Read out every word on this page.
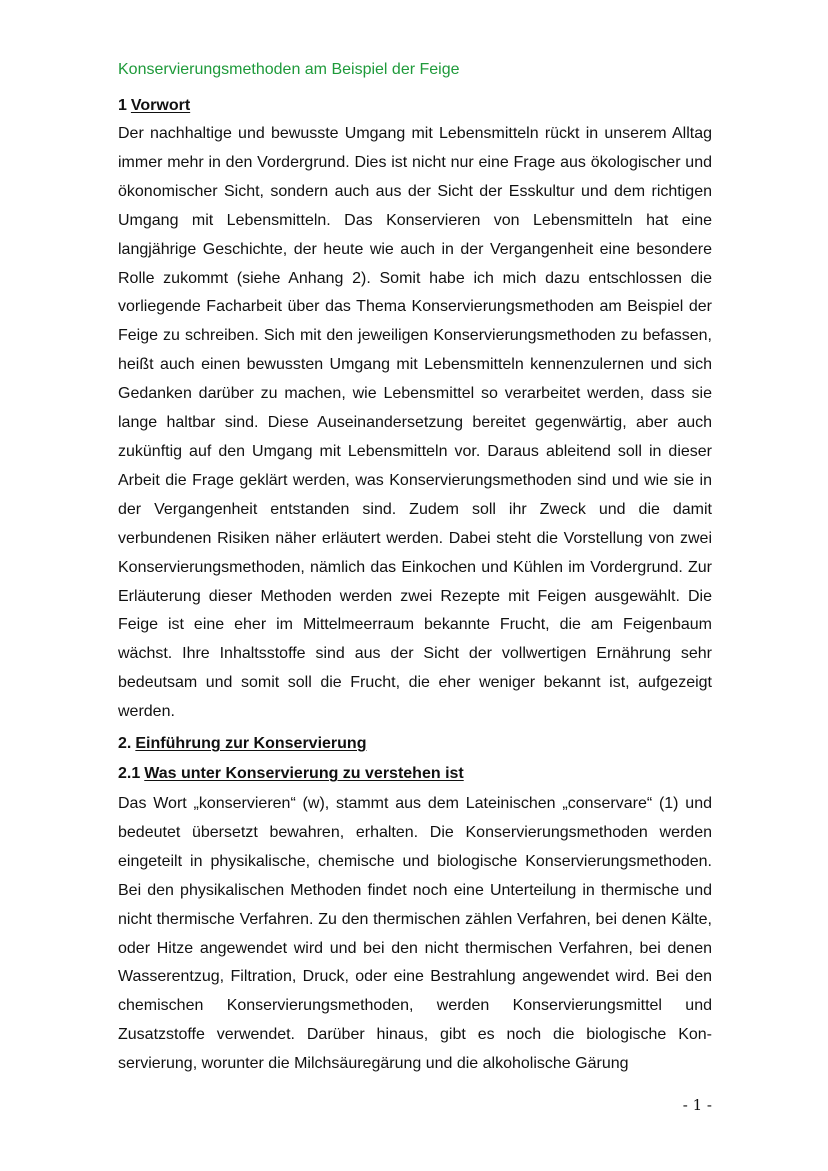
Konservierungsmethoden am Beispiel der Feige
1 Vorwort

Der nachhaltige und bewusste Umgang mit Lebensmitteln rückt in unserem Alltag immer mehr in den Vordergrund. Dies ist nicht nur eine Frage aus ökologischer und ökonomischer Sicht, sondern auch aus der Sicht der Esskultur und dem richtigen Umgang mit Lebensmitteln. Das Konservieren von Lebensmitteln hat eine langjährige Geschichte, der heute wie auch in der Vergangenheit eine besondere Rolle zukommt (siehe Anhang 2). Somit habe ich mich dazu entschlossen die vorliegende Facharbeit über das Thema Konservierungsmethoden am Beispiel der Feige zu schreiben. Sich mit den jeweiligen Konservierungsmethoden zu befassen, heißt auch einen bewussten Umgang mit Lebensmitteln kennenzulernen und sich Gedanken darüber zu machen, wie Lebensmittel so verarbeitet werden, dass sie lange haltbar sind. Diese Auseinandersetzung bereitet gegenwärtig, aber auch zukünftig auf den Umgang mit Lebensmitteln vor. Daraus ableitend soll in dieser Arbeit die Frage geklärt werden, was Konservierungsmethoden sind und wie sie in der Vergangenheit entstanden sind. Zudem soll ihr Zweck und die damit verbundenen Risiken näher erläutert werden. Dabei steht die Vorstellung von zwei Konservierungsmethoden, nämlich das Einkochen und Kühlen im Vordergrund. Zur Erläuterung dieser Methoden werden zwei Rezepte mit Feigen ausgewählt. Die Feige ist eine eher im Mittelmeerraum bekannte Frucht, die am Feigenbaum wächst. Ihre Inhaltsstoffe sind aus der Sicht der vollwertigen Ernährung sehr bedeutsam und somit soll die Frucht, die eher weniger bekannt ist, aufgezeigt werden.

2. Einführung zur Konservierung
2.1 Was unter Konservierung zu verstehen ist

Das Wort „konservieren“ (w), stammt aus dem Lateinischen „conservare“ (1) und bedeutet übersetzt bewahren, erhalten. Die Konservierungsmethoden werden eingeteilt in physikalische, chemische und biologische Konservierungsmethoden. Bei den physikalischen Methoden findet noch eine Unterteilung in thermische und nicht thermische Verfahren. Zu den thermischen zählen Verfahren, bei denen Kälte, oder Hitze angewendet wird und bei den nicht thermischen Verfahren, bei denen Wasserentzug, Filtration, Druck, oder eine Bestrahlung angewendet wird. Bei den chemischen Konservierungsmethoden, werden Konservierungsmittel und Zusatzstoffe verwendet. Darüber hinaus, gibt es noch die biologische Konservierung, worunter die Milchsäuregärung und die alkoholische Gärung

- 1 -
